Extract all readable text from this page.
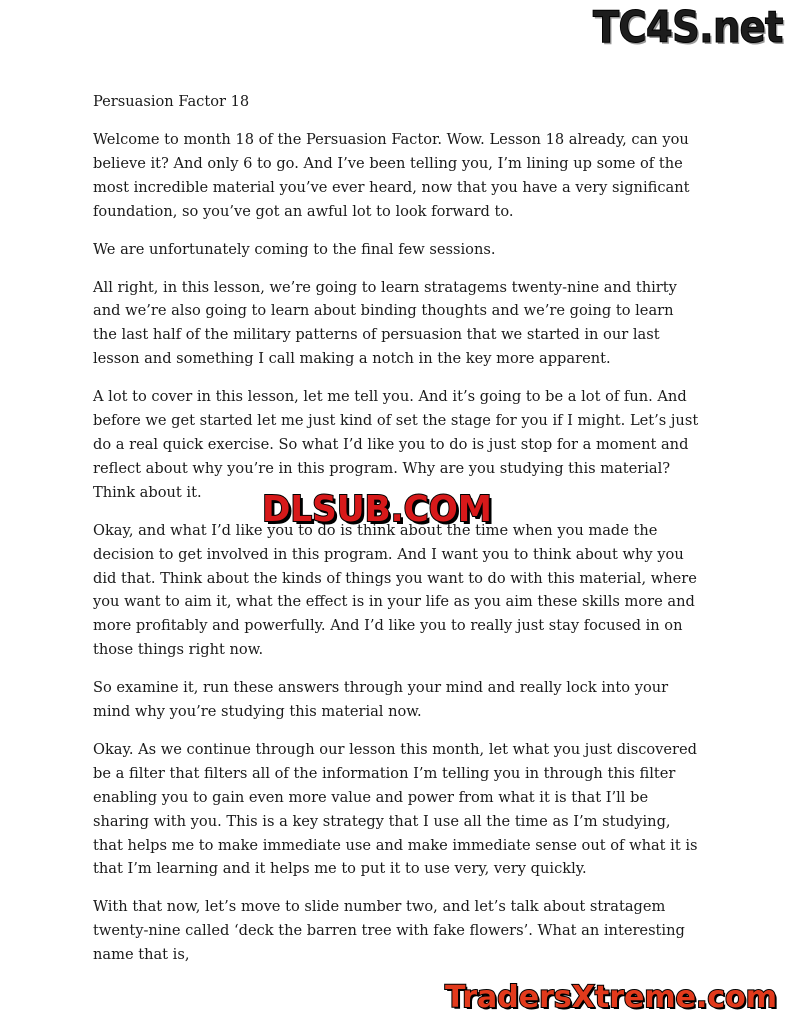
TC4S.net

Persuasion Factor 18

Welcome to month 18 of the Persuasion Factor. Wow. Lesson 18 already, can you believe it? And only 6 to go. And I’ve been telling you, I’m lining up some of the most incredible material you’ve ever heard, now that you have a very significant foundation, so you’ve got an awful lot to look forward to.

We are unfortunately coming to the final few sessions.

All right, in this lesson, we’re going to learn stratagems twenty-nine and thirty and we’re also going to learn about binding thoughts and we’re going to learn the last half of the military patterns of persuasion that we started in our last lesson and something I call making a notch in the key more apparent.

A lot to cover in this lesson, let me tell you. And it’s going to be a lot of fun. And before we get started let me just kind of set the stage for you if I might. Let’s just do a real quick exercise. So what I’d like you to do is just stop for a moment and reflect about why you’re in this program. Why are you studying this material? Think about it.

Okay, and what I’d like you to do is think about the time when you made the decision to get involved in this program. And I want you to think about why you did that. Think about the kinds of things you want to do with this material, where you want to aim it, what the effect is in your life as you aim these skills more and more profitably and powerfully. And I’d like you to really just stay focused in on those things right now.

So examine it, run these answers through your mind and really lock into your mind why you’re studying this material now.

Okay. As we continue through our lesson this month, let what you just discovered be a filter that filters all of the information I’m telling you in through this filter enabling you to gain even more value and power from what it is that I’ll be sharing with you. This is a key strategy that I use all the time as I’m studying, that helps me to make immediate use and make immediate sense out of what it is that I’m learning and it helps me to put it to use very, very quickly.

With that now, let’s move to slide number two, and let’s talk about stratagem twenty-nine called ‘deck the barren tree with fake flowers’. What an interesting name that is,

DLSUB.COM
TradersXtreme.com
